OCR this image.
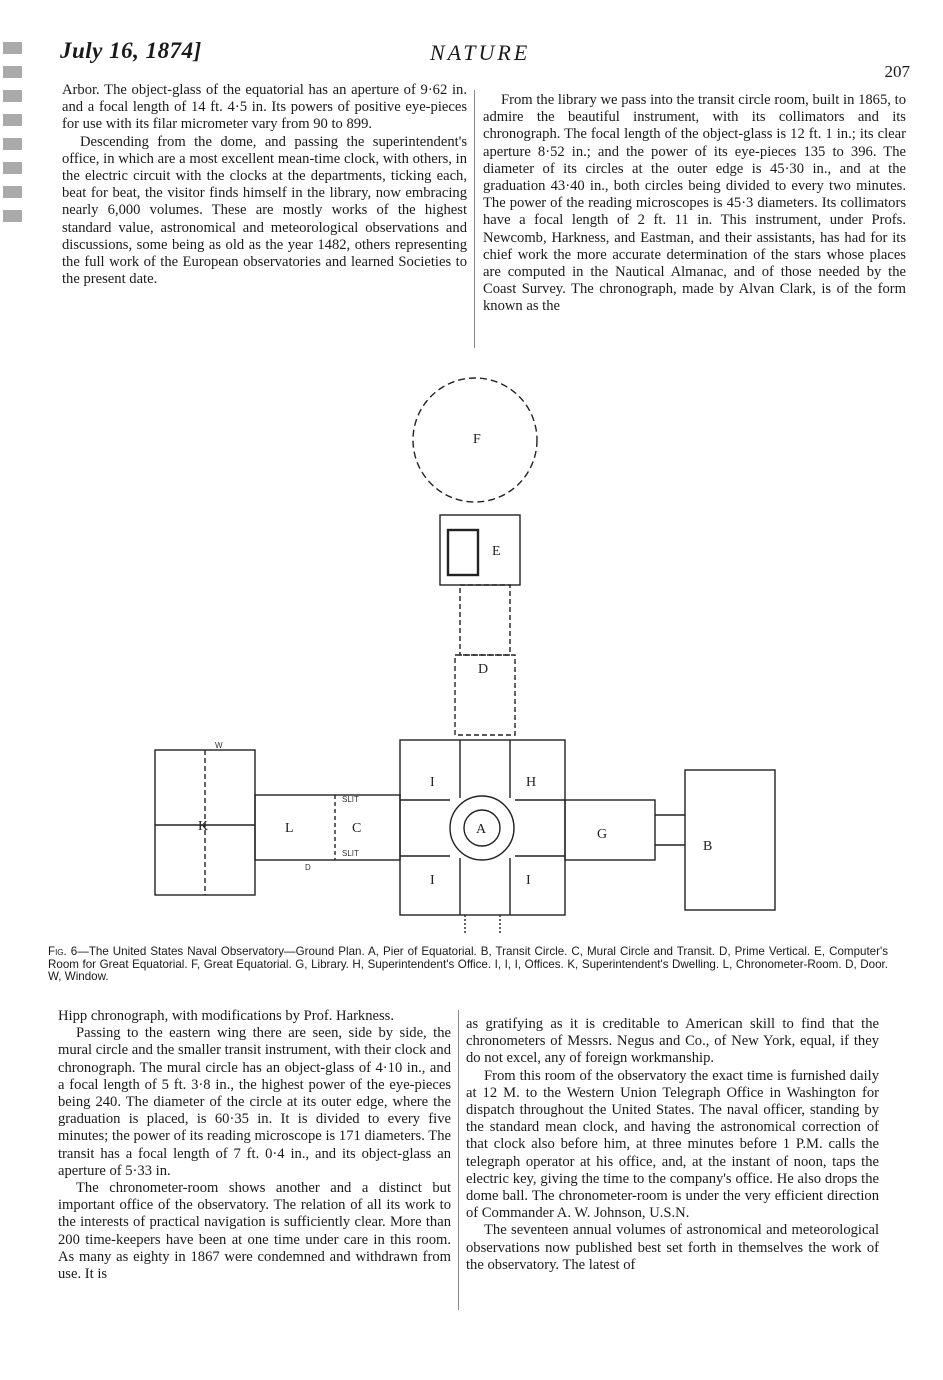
July 16, 1874]	NATURE
207

Arbor. The object-glass of the equatorial has an aperture of 9·62 in. and a focal length of 14 ft. 4·5 in. Its powers of positive eye-pieces for use with its filar micrometer vary from 90 to 899.

Descending from the dome, and passing the superintendent's office, in which are a most excellent mean-time clock, with others, in the electric circuit with the clocks at the departments, ticking each, beat for beat, the visitor finds himself in the library, now embracing nearly 6,000 volumes. These are mostly works of the highest standard value, astronomical and meteorological observations and discussions, some being as old as the year 1482, others representing the full work of the European observatories and learned Societies to the present date.

From the library we pass into the transit circle room, built in 1865, to admire the beautiful instrument, with its collimators and its chronograph. The focal length of the object-glass is 12 ft. 1 in.; its clear aperture 8·52 in.; and the power of its eye-pieces 135 to 396. The diameter of its circles at the outer edge is 45·30 in., and at the graduation 43·40 in., both circles being divided to every two minutes. The power of the reading microscopes is 45·3 diameters. Its collimators have a focal length of 2 ft. 11 in. This instrument, under Profs. Newcomb, Harkness, and Eastman, and their assistants, has had for its chief work the more accurate determination of the stars whose places are computed in the Nautical Almanac, and of those needed by the Coast Survey. The chronograph, made by Alvan Clark, is of the form known as the

F
E
D
A
I	H
I	I
C
L
K
G
B
SLIT
SLIT
D
W
Fig. 6—The United States Naval Observatory—Ground Plan. A, Pier of Equatorial. B, Transit Circle. C, Mural Circle and Transit. D, Prime Vertical. E, Computer's Room for Great Equatorial. F, Great Equatorial. G, Library. H, Superintendent's Office. I, I, I, Offices. K, Superintendent's Dwelling. L, Chronometer-Room. D, Door. W, Window.

Hipp chronograph, with modifications by Prof. Harkness.

Passing to the eastern wing there are seen, side by side, the mural circle and the smaller transit instrument, with their clock and chronograph. The mural circle has an object-glass of 4·10 in., and a focal length of 5 ft. 3·8 in., the highest power of the eye-pieces being 240. The diameter of the circle at its outer edge, where the graduation is placed, is 60·35 in. It is divided to every five minutes; the power of its reading microscope is 171 diameters. The transit has a focal length of 7 ft. 0·4 in., and its object-glass an aperture of 5·33 in.

The chronometer-room shows another and a distinct but important office of the observatory. The relation of all its work to the interests of practical navigation is sufficiently clear. More than 200 time-keepers have been at one time under care in this room. As many as eighty in 1867 were condemned and withdrawn from use. It is

as gratifying as it is creditable to American skill to find that the chronometers of Messrs. Negus and Co., of New York, equal, if they do not excel, any of foreign workmanship.

From this room of the observatory the exact time is furnished daily at 12 M. to the Western Union Telegraph Office in Washington for dispatch throughout the United States. The naval officer, standing by the standard mean clock, and having the astronomical correction of that clock also before him, at three minutes before 1 P.M. calls the telegraph operator at his office, and, at the instant of noon, taps the electric key, giving the time to the company's office. He also drops the dome ball. The chronometer-room is under the very efficient direction of Commander A. W. Johnson, U.S.N.

The seventeen annual volumes of astronomical and meteorological observations now published best set forth in themselves the work of the observatory. The latest of
